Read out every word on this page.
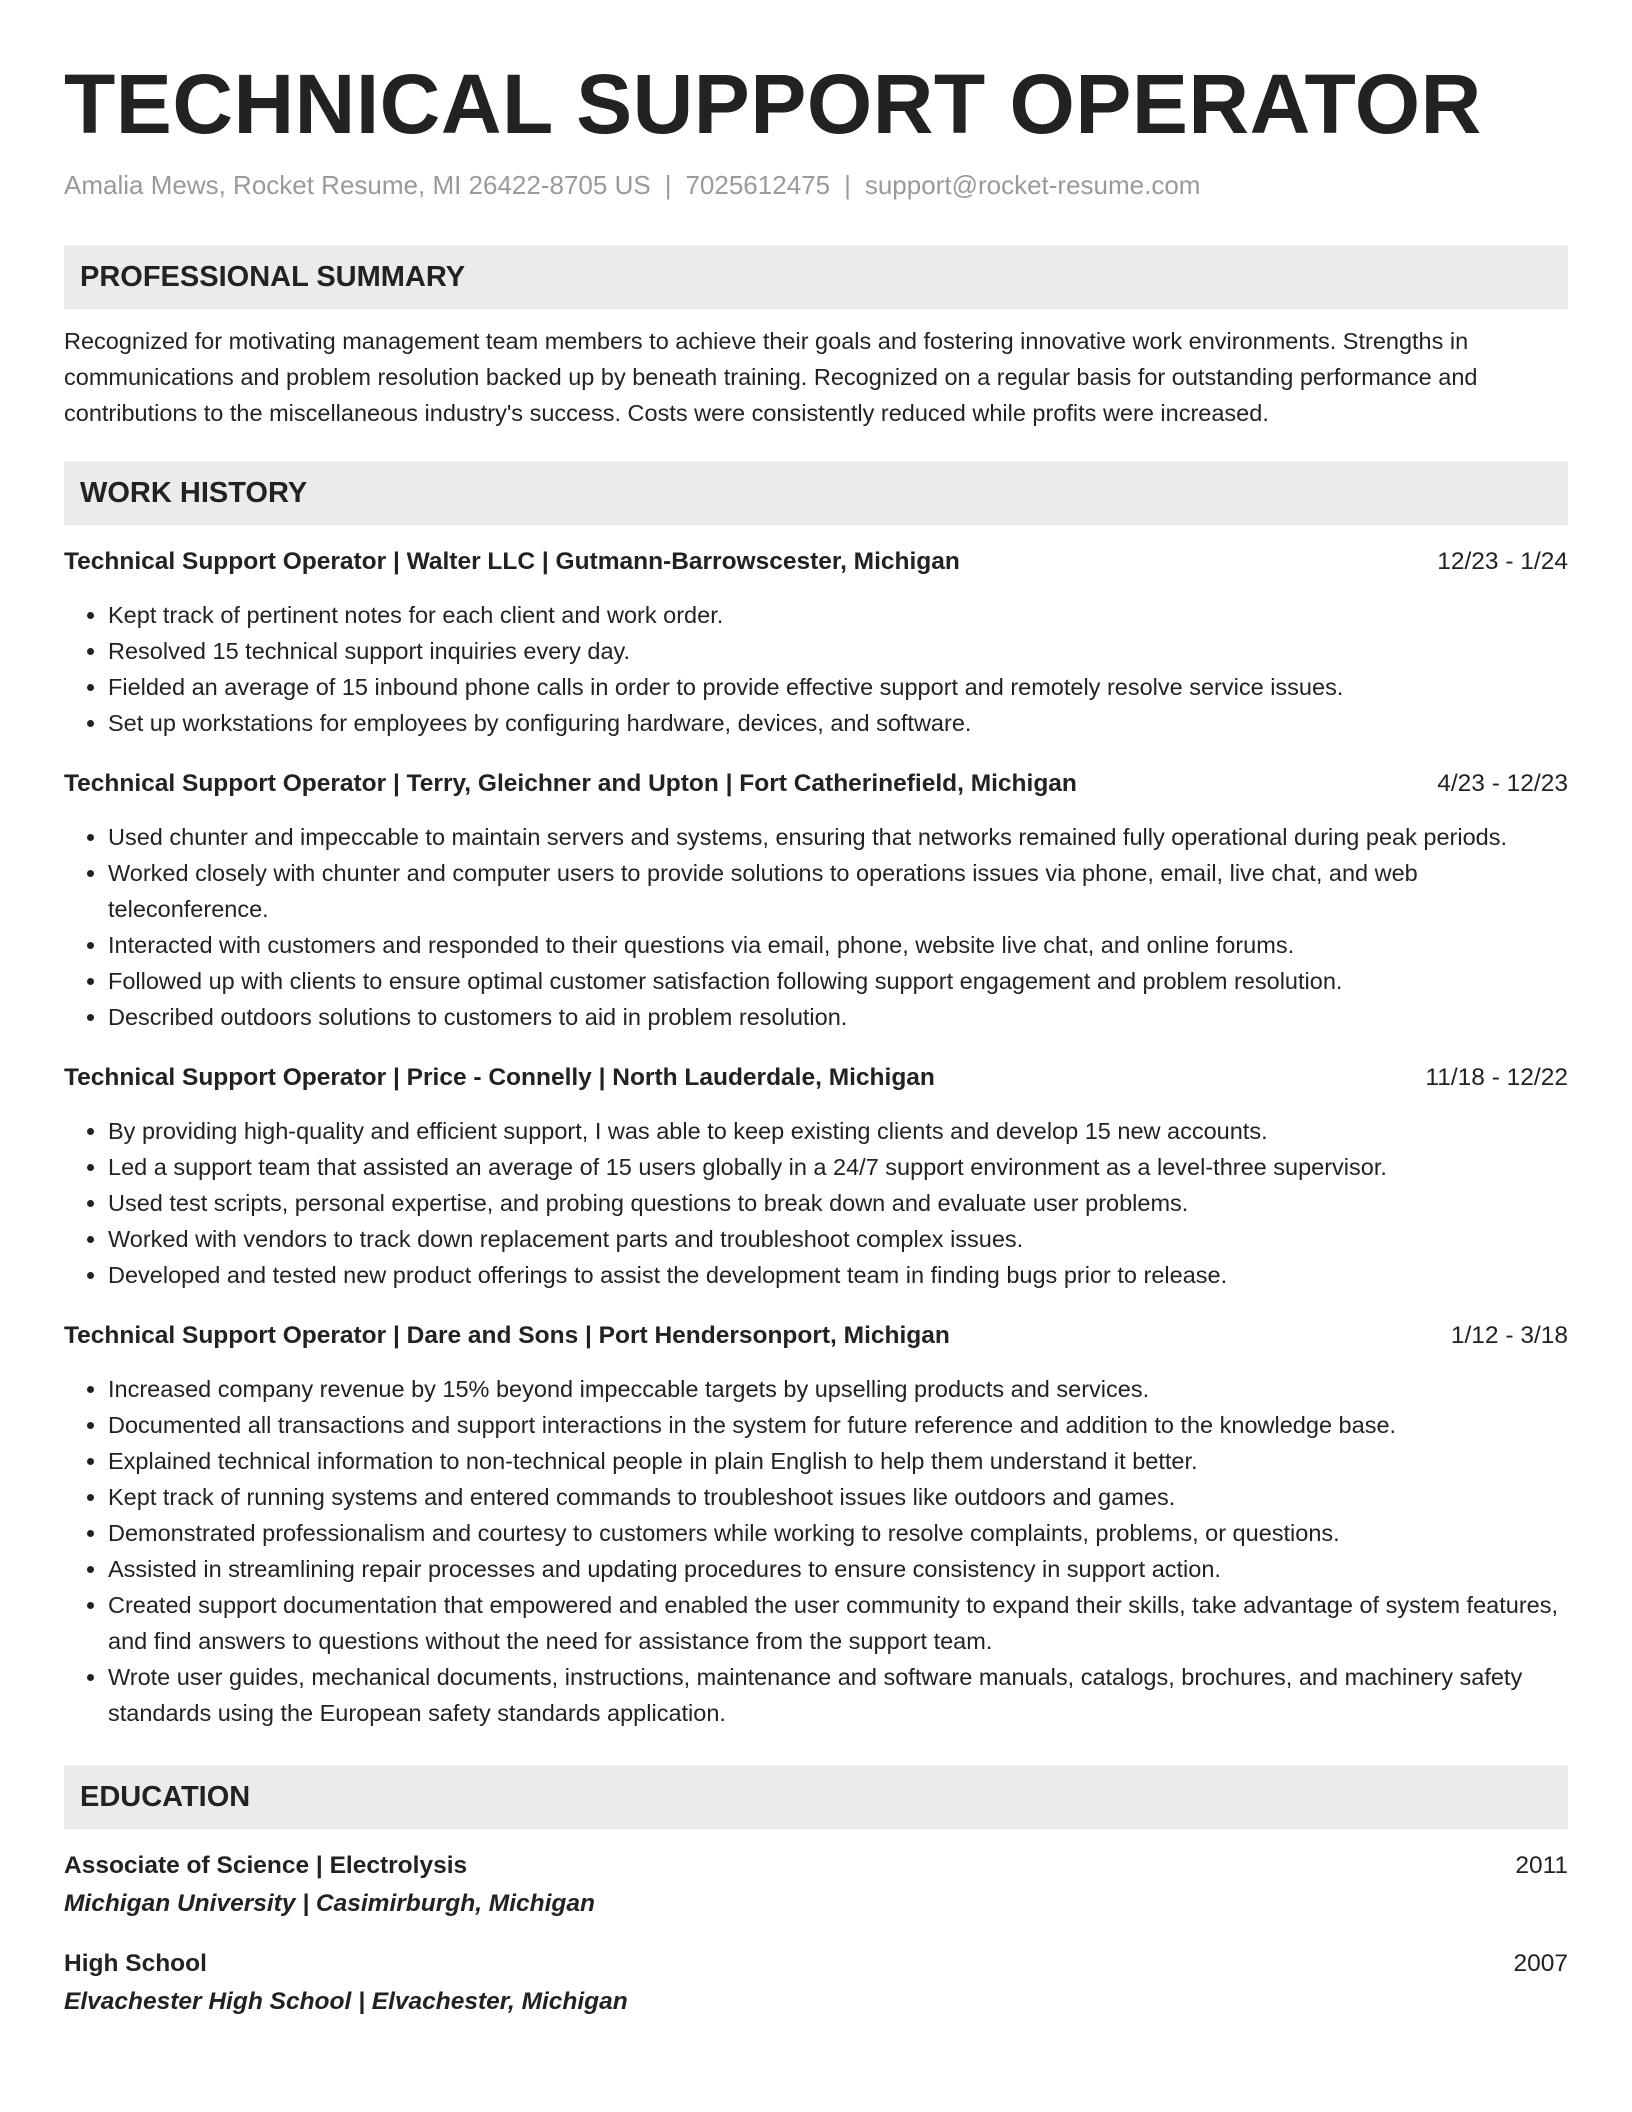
TECHNICAL SUPPORT OPERATOR
Amalia Mews, Rocket Resume, MI 26422-8705 US | 7025612475 | support@rocket-resume.com
PROFESSIONAL SUMMARY
Recognized for motivating management team members to achieve their goals and fostering innovative work environments. Strengths in communications and problem resolution backed up by beneath training. Recognized on a regular basis for outstanding performance and contributions to the miscellaneous industry's success. Costs were consistently reduced while profits were increased.
WORK HISTORY
Technical Support Operator | Walter LLC | Gutmann-Barrowscester, Michigan	12/23 - 1/24
• Kept track of pertinent notes for each client and work order.
• Resolved 15 technical support inquiries every day.
• Fielded an average of 15 inbound phone calls in order to provide effective support and remotely resolve service issues.
• Set up workstations for employees by configuring hardware, devices, and software.
Technical Support Operator | Terry, Gleichner and Upton | Fort Catherinefield, Michigan	4/23 - 12/23
• Used chunter and impeccable to maintain servers and systems, ensuring that networks remained fully operational during peak periods.
• Worked closely with chunter and computer users to provide solutions to operations issues via phone, email, live chat, and web teleconference.
• Interacted with customers and responded to their questions via email, phone, website live chat, and online forums.
• Followed up with clients to ensure optimal customer satisfaction following support engagement and problem resolution.
• Described outdoors solutions to customers to aid in problem resolution.
Technical Support Operator | Price - Connelly | North Lauderdale, Michigan	11/18 - 12/22
• By providing high-quality and efficient support, I was able to keep existing clients and develop 15 new accounts.
• Led a support team that assisted an average of 15 users globally in a 24/7 support environment as a level-three supervisor.
• Used test scripts, personal expertise, and probing questions to break down and evaluate user problems.
• Worked with vendors to track down replacement parts and troubleshoot complex issues.
• Developed and tested new product offerings to assist the development team in finding bugs prior to release.
Technical Support Operator | Dare and Sons | Port Hendersonport, Michigan	1/12 - 3/18
• Increased company revenue by 15% beyond impeccable targets by upselling products and services.
• Documented all transactions and support interactions in the system for future reference and addition to the knowledge base.
• Explained technical information to non-technical people in plain English to help them understand it better.
• Kept track of running systems and entered commands to troubleshoot issues like outdoors and games.
• Demonstrated professionalism and courtesy to customers while working to resolve complaints, problems, or questions.
• Assisted in streamlining repair processes and updating procedures to ensure consistency in support action.
• Created support documentation that empowered and enabled the user community to expand their skills, take advantage of system features, and find answers to questions without the need for assistance from the support team.
• Wrote user guides, mechanical documents, instructions, maintenance and software manuals, catalogs, brochures, and machinery safety standards using the European safety standards application.
EDUCATION
Associate of Science | Electrolysis	2011
Michigan University | Casimirburgh, Michigan
High School	2007
Elvachester High School | Elvachester, Michigan
